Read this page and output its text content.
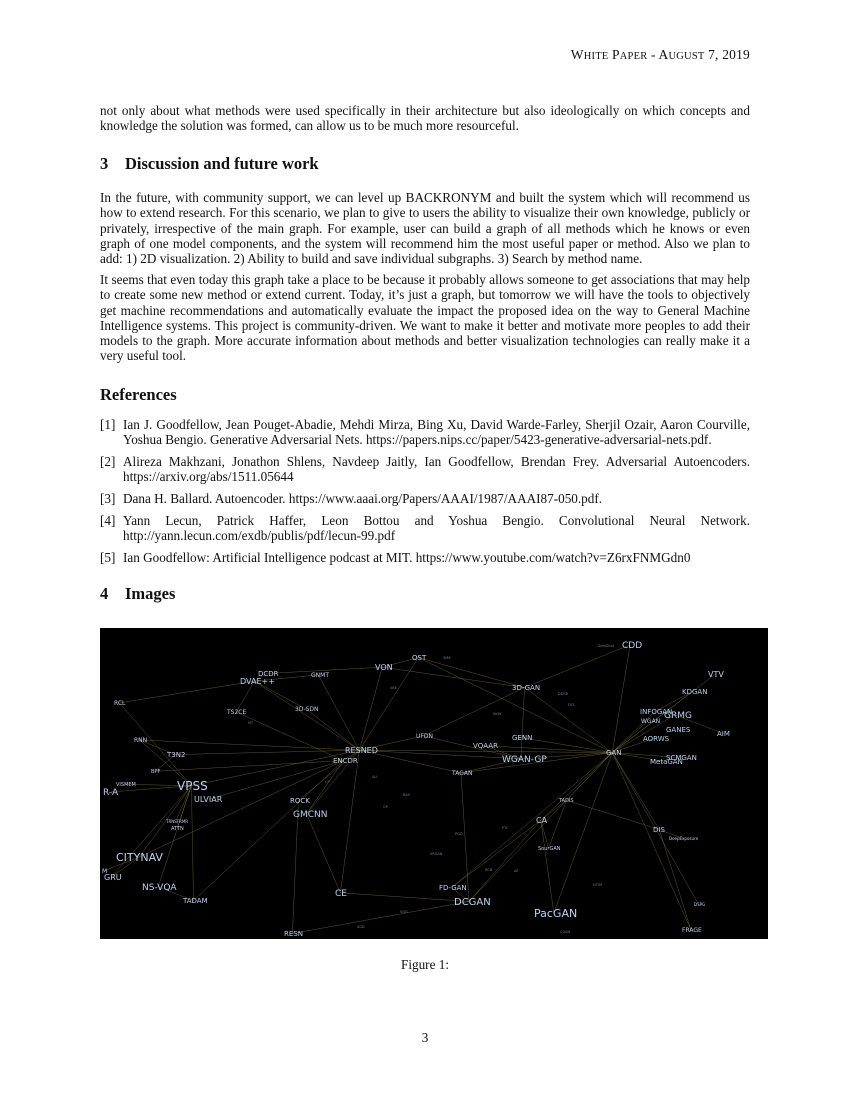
WHITE PAPER - AUGUST 7, 2019
not only about what methods were used specifically in their architecture but also ideologically on which concepts and knowledge the solution was formed, can allow us to be much more resourceful.
3 Discussion and future work
In the future, with community support, we can level up BACKRONYM and built the system which will recommend us how to extend research. For this scenario, we plan to give to users the ability to visualize their own knowledge, publicly or privately, irrespective of the main graph. For example, user can build a graph of all methods which he knows or even graph of one model components, and the system will recommend him the most useful paper or method. Also we plan to add: 1) 2D visualization. 2) Ability to build and save individual subgraphs. 3) Search by method name.
It seems that even today this graph take a place to be because it probably allows someone to get associations that may help to create some new method or extend current. Today, it’s just a graph, but tomorrow we will have the tools to objectively get machine recommendations and automatically evaluate the impact the proposed idea on the way to General Machine Intelligence systems. This project is community-driven. We want to make it better and motivate more peoples to add their models to the graph. More accurate information about methods and better visualization technologies can really make it a very useful tool.
References
[1] Ian J. Goodfellow, Jean Pouget-Abadie, Mehdi Mirza, Bing Xu, David Warde-Farley, Sherjil Ozair, Aaron Courville, Yoshua Bengio. Generative Adversarial Nets. https://papers.nips.cc/paper/5423-generative-adversarial-nets.pdf.
[2] Alireza Makhzani, Jonathon Shlens, Navdeep Jaitly, Ian Goodfellow, Brendan Frey. Adversarial Autoencoders. https://arxiv.org/abs/1511.05644
[3] Dana H. Ballard. Autoencoder. https://www.aaai.org/Papers/AAAI/1987/AAAI87-050.pdf.
[4] Yann Lecun, Patrick Haffer, Leon Bottou and Yoshua Bengio. Convolutional Neural Network. http://yann.lecun.com/exdb/publis/pdf/lecun-99.pdf
[5] Ian Goodfellow: Artificial Intelligence podcast at MIT. https://www.youtube.com/watch?v=Z6rxFNMGdn0
4 Images
ZeroShot
DDSR
DCL
SKIN
SMA
VAE
MT
CP
ALI
BAS
GP
PTC
PGD
SRGAN
RCN	AE
LSTM
SGD
VGG
CGAN
CDD
VTV
KDGAN
INFOGAN
GRMG
WGAN
GANES
AORWS
AIM
GAN
SCMGAN
MetaGAN
3D-GAN
GENN
WGAN-GP
VQAAR
UFDN
TAGAN
TADIS
CA
SourGAN
DIS
DeepExposure
OST
VON
GNMT
DCDR
DVAE++
3D-SDN
TS2CE
RCL
RNN
T3N2	RESNED
ENCDR
BPF
VISMEM	VPSS
ULVIAR	ROCK
GMCNN
TRNSFRMR
ATTN
CITYNAV
GRU
NS-VQA
TADAM
CE
FD-GAN
DCGAN
PacGAN
RESN
DSPG
FRAGE
R-A
M
Figure 1:
3
